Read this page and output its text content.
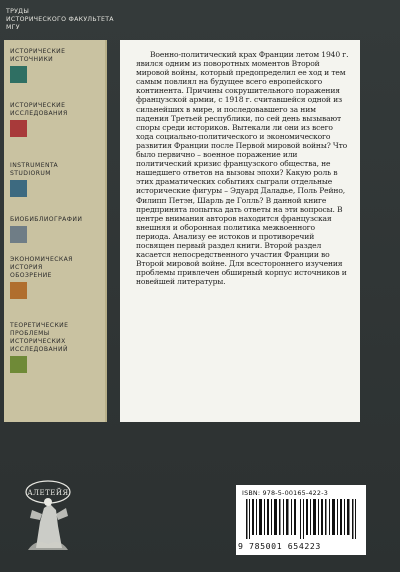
ТРУДЫ
ИСТОРИЧЕСКОГО ФАКУЛЬТЕТА
МГУ
ИСТОРИЧЕСКИЕ
ИСТОЧНИКИ
ИСТОРИЧЕСКИЕ
ИССЛЕДОВАНИЯ
INSTRUMENTA
STUDIORUM
БИОБИБЛИОГРАФИИ
ЭКОНОМИЧЕСКАЯ
ИСТОРИЯ
ОБОЗРЕНИЕ
ТЕОРЕТИЧЕСКИЕ
ПРОБЛЕМЫ
ИСТОРИЧЕСКИХ
ИССЛЕДОВАНИЙ

Военно-политический крах Франции летом 1940 г. явился одним из поворотных моментов Второй мировой войны, который предопределил ее ход и тем самым повлиял на будущее всего европейского континента. Причины сокрушительного поражения французской армии, с 1918 г. считавшейся одной из сильнейших в мире, и последовавшего за ним падения Третьей республики, по сей день вызывают споры среди историков. Вытекали ли они из всего хода социально-политического и экономического развития Франции после Первой мировой войны? Что было первично – военное поражение или политический кризис французского общества, не нашедшего ответов на вызовы эпохи? Какую роль в этих драматических событиях сыграли отдельные исторические фигуры – Эдуард Даладье, Поль Рейно, Филипп Петэн, Шарль де Голль? В данной книге предпринята попытка дать ответы на эти вопросы. В центре внимания авторов находится французская внешняя и оборонная политика межвоенного периода. Анализу ее истоков и противоречий посвящен первый раздел книги. Второй раздел касается непосредственного участия Франции во Второй мировой войне. Для всестороннего изучения проблемы привлечен обширный корпус источников и новейшей литературы.

АЛЕТЕЙЯ	ISBN: 978-5-00165-422-3
9 785001 654223
